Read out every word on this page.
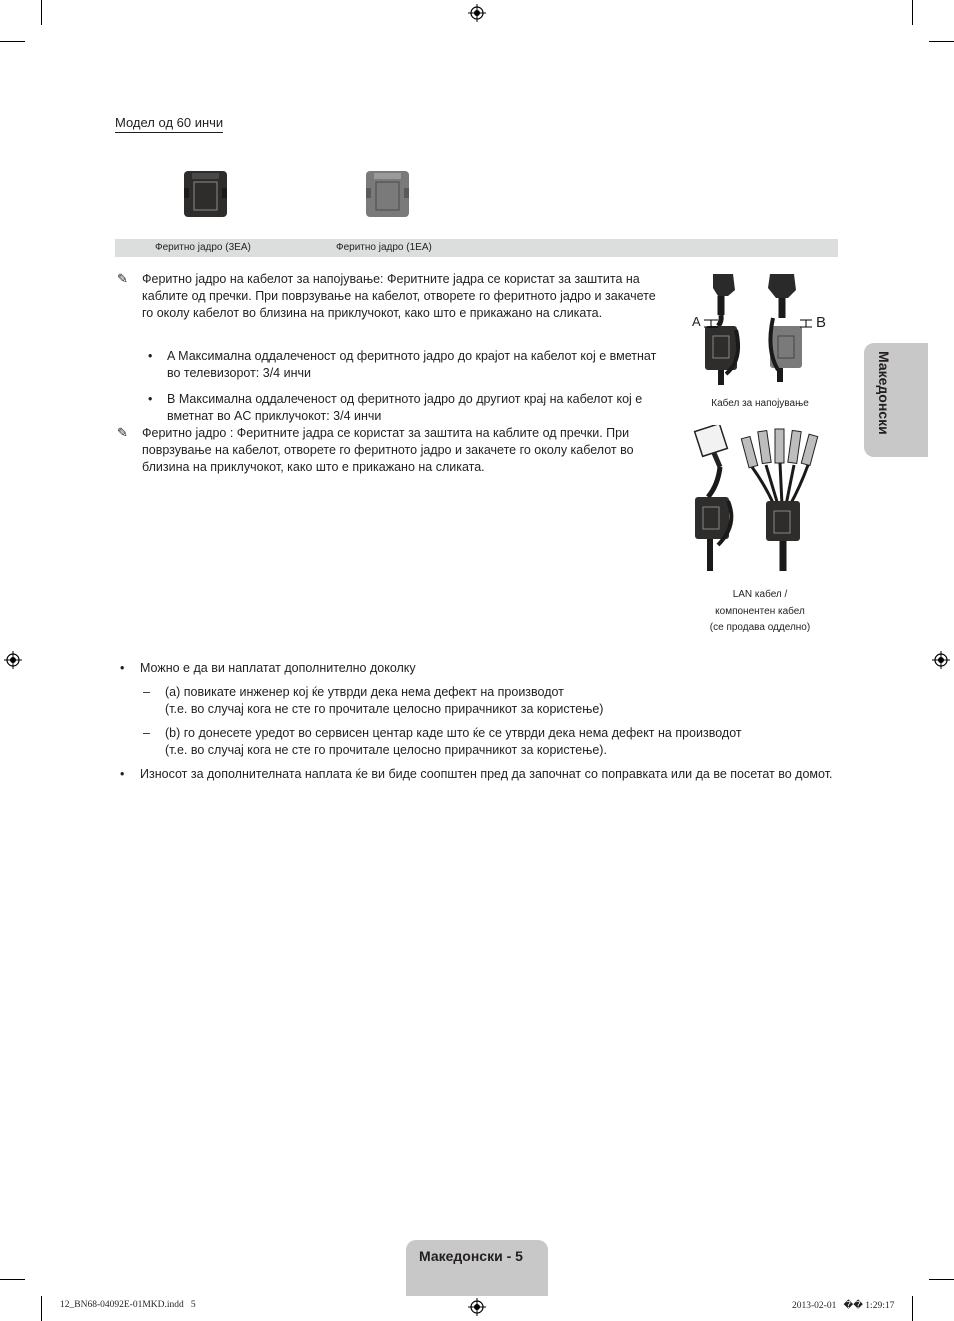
Модел од 60 инчи
Феритно јадро (3EA)	Феритно јадро (1EA)
✎ Феритно јадро на кабелот за напојување: Феритните јадра се користат за заштита на каблите од пречки. При поврзување на кабелот, отворете го феритното јадро и закачете го околу кабелот во близина на приклучокот, како што е прикажано на сликата.
• A Максимална оддалеченост од феритното јадро до крајот на кабелот кој е вметнат во телевизорот: 3/4 инчи
• B Максимална оддалеченост од феритното јадро до другиот крај на кабелот кој е вметнат во AC приклучокот: 3/4 инчи
✎ Феритно јадро : Феритните јадра се користат за заштита на каблите од пречки. При поврзување на кабелот, отворете го феритното јадро и закачете го околу кабелот во близина на приклучокот, како што е прикажано на сликата.
A	B
Кабел за напојување
LAN кабел /
компонентен кабел
(се продава одделно)
• Можно е да ви наплатат дополнително доколку
– (a) повикате инженер кој ќе утврди дека нема дефект на производот
(т.е. во случај кога не сте го прочитале целосно прирачникот за користење)
– (b) го донесете уредот во сервисен центар каде што ќе се утврди дека нема дефект на производот
(т.е. во случај кога не сте го прочитале целосно прирачникот за користење).
• Износот за дополнителната наплата ќе ви биде соопштен пред да започнат со поправката или да ве посетат во домот.
Македонски
Македонски - 5
12_BN68-04092E-01MKD.indd   5	2013-02-01   �� 1:29:17
